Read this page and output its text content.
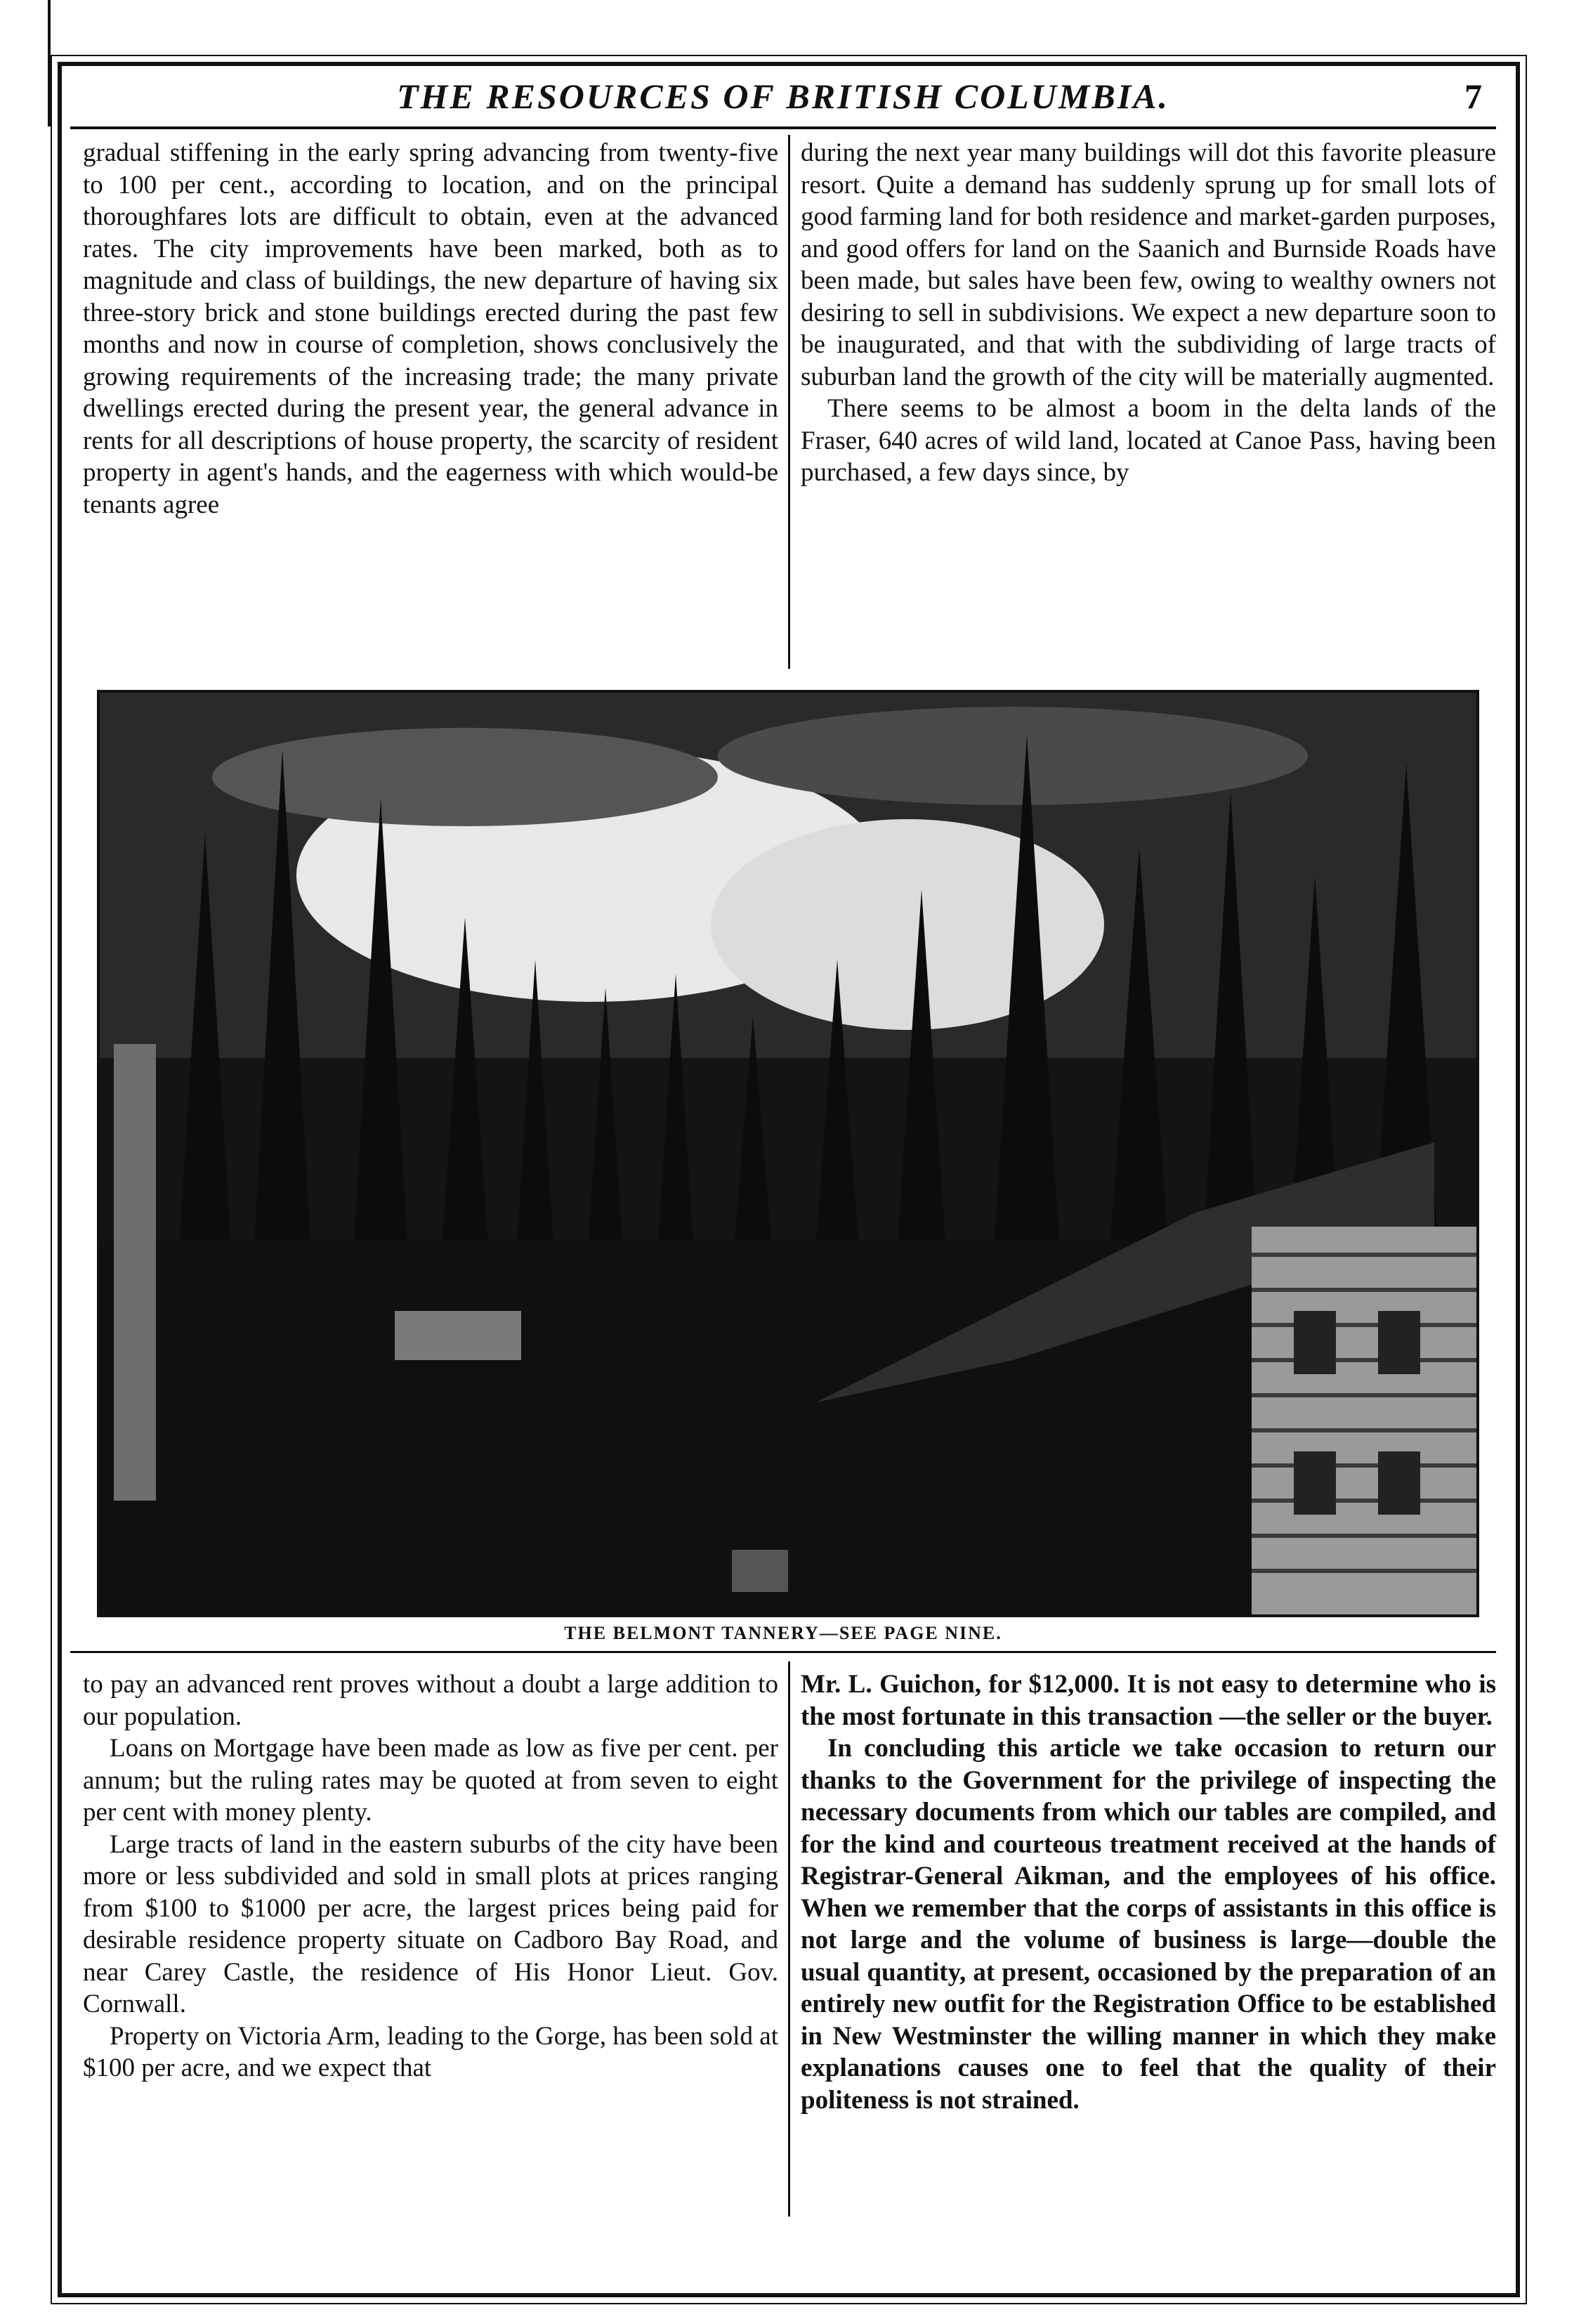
THE RESOURCES OF BRITISH COLUMBIA.	7

gradual stiffening in the early spring advancing from twenty-five to 100 per cent., according to location, and on the principal thoroughfares lots are difficult to obtain, even at the advanced rates. The city improvements have been marked, both as to magnitude and class of buildings, the new departure of having six three-story brick and stone buildings erected during the past few months and now in course of completion, shows conclusively the growing requirements of the increasing trade; the many private dwellings erected during the present year, the general advance in rents for all descriptions of house property, the scarcity of resident property in agent's hands, and the eagerness with which would-be tenants agree

during the next year many buildings will dot this favorite pleasure resort. Quite a demand has suddenly sprung up for small lots of good farming land for both residence and market-garden purposes, and good offers for land on the Saanich and Burnside Roads have been made, but sales have been few, owing to wealthy owners not desiring to sell in subdivisions. We expect a new departure soon to be inaugurated, and that with the subdividing of large tracts of suburban land the growth of the city will be materially augmented.

There seems to be almost a boom in the delta lands of the Fraser, 640 acres of wild land, located at Canoe Pass, having been purchased, a few days since, by

THE BELMONT TANNERY—SEE PAGE NINE.

to pay an advanced rent proves without a doubt a large addition to our population.

Loans on Mortgage have been made as low as five per cent. per annum; but the ruling rates may be quoted at from seven to eight per cent with money plenty.

Large tracts of land in the eastern suburbs of the city have been more or less subdivided and sold in small plots at prices ranging from $100 to $1000 per acre, the largest prices being paid for desirable residence property situate on Cadboro Bay Road, and near Carey Castle, the residence of His Honor Lieut. Gov. Cornwall.

Property on Victoria Arm, leading to the Gorge, has been sold at $100 per acre, and we expect that

Mr. L. Guichon, for $12,000. It is not easy to determine who is the most fortunate in this transaction —the seller or the buyer.

In concluding this article we take occasion to return our thanks to the Government for the privilege of inspecting the necessary documents from which our tables are compiled, and for the kind and courteous treatment received at the hands of Registrar-General Aikman, and the employees of his office. When we remember that the corps of assistants in this office is not large and the volume of business is large—double the usual quantity, at present, occasioned by the preparation of an entirely new outfit for the Registration Office to be established in New Westminster the willing manner in which they make explanations causes one to feel that the quality of their politeness is not strained.
